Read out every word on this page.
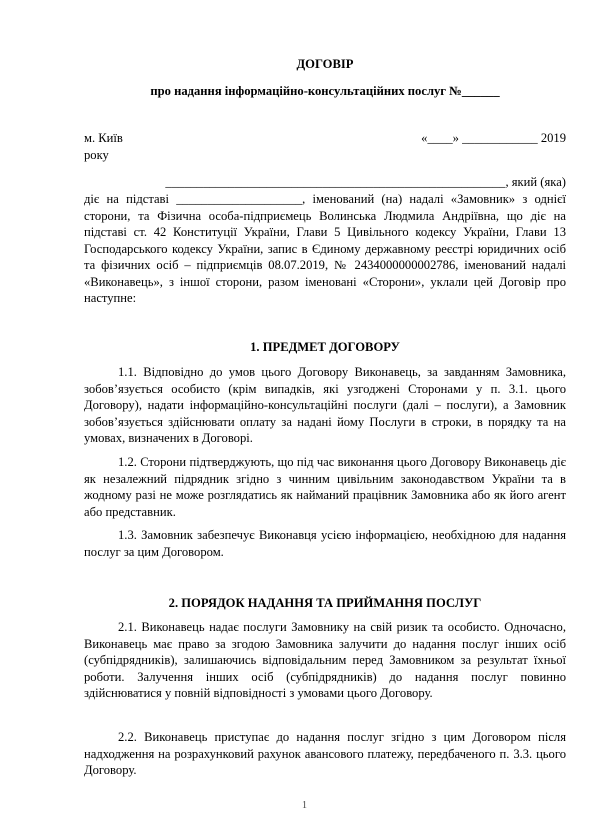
ДОГОВІР
про надання інформаційно-консультаційних послуг №______
м. Київ	«____» ____________ 2019
року
______________________________________________________, який (яка)
діє на підставі ____________________, іменований (на) надалі «Замовник» з однієї сторони, та Фізична особа-підприємець Волинська Людмила Андріївна, що діє на підставі ст. 42 Конституції України, Глави 5 Цивільного кодексу України, Глави 13 Господарського кодексу України, запис в Єдиному державному реєстрі юридичних осіб та фізичних осіб – підприємців 08.07.2019, № 2434000000002786, іменований надалі «Виконавець», з іншої сторони, разом іменовані «Сторони», уклали цей Договір про наступне:
1. ПРЕДМЕТ ДОГОВОРУ
1.1. Відповідно до умов цього Договору Виконавець, за завданням Замовника, зобов’язується особисто (крім випадків, які узгоджені Сторонами у п. 3.1. цього Договору), надати інформаційно-консультаційні послуги (далі – послуги), а Замовник зобов’язується здійснювати оплату за надані йому Послуги в строки, в порядку та на умовах, визначених в Договорі.
1.2. Сторони підтверджують, що під час виконання цього Договору Виконавець діє як незалежний підрядник згідно з чинним цивільним законодавством України та в жодному разі не може розглядатись як найманий працівник Замовника або як його агент або представник.
1.3. Замовник забезпечує Виконавця усією інформацією, необхідною для надання послуг за цим Договором.
2. ПОРЯДОК НАДАННЯ ТА ПРИЙМАННЯ ПОСЛУГ
2.1. Виконавець надає послуги Замовнику на свій ризик та особисто. Одночасно, Виконавець має право за згодою Замовника залучити до надання послуг інших осіб (субпідрядників), залишаючись відповідальним перед Замовником за результат їхньої роботи. Залучення інших осіб (субпідрядників) до надання послуг повинно здійснюватися у повній відповідності з умовами цього Договору.
2.2. Виконавець приступає до надання послуг згідно з цим Договором після надходження на розрахунковий рахунок авансового платежу, передбаченого п. 3.3. цього Договору.
1
